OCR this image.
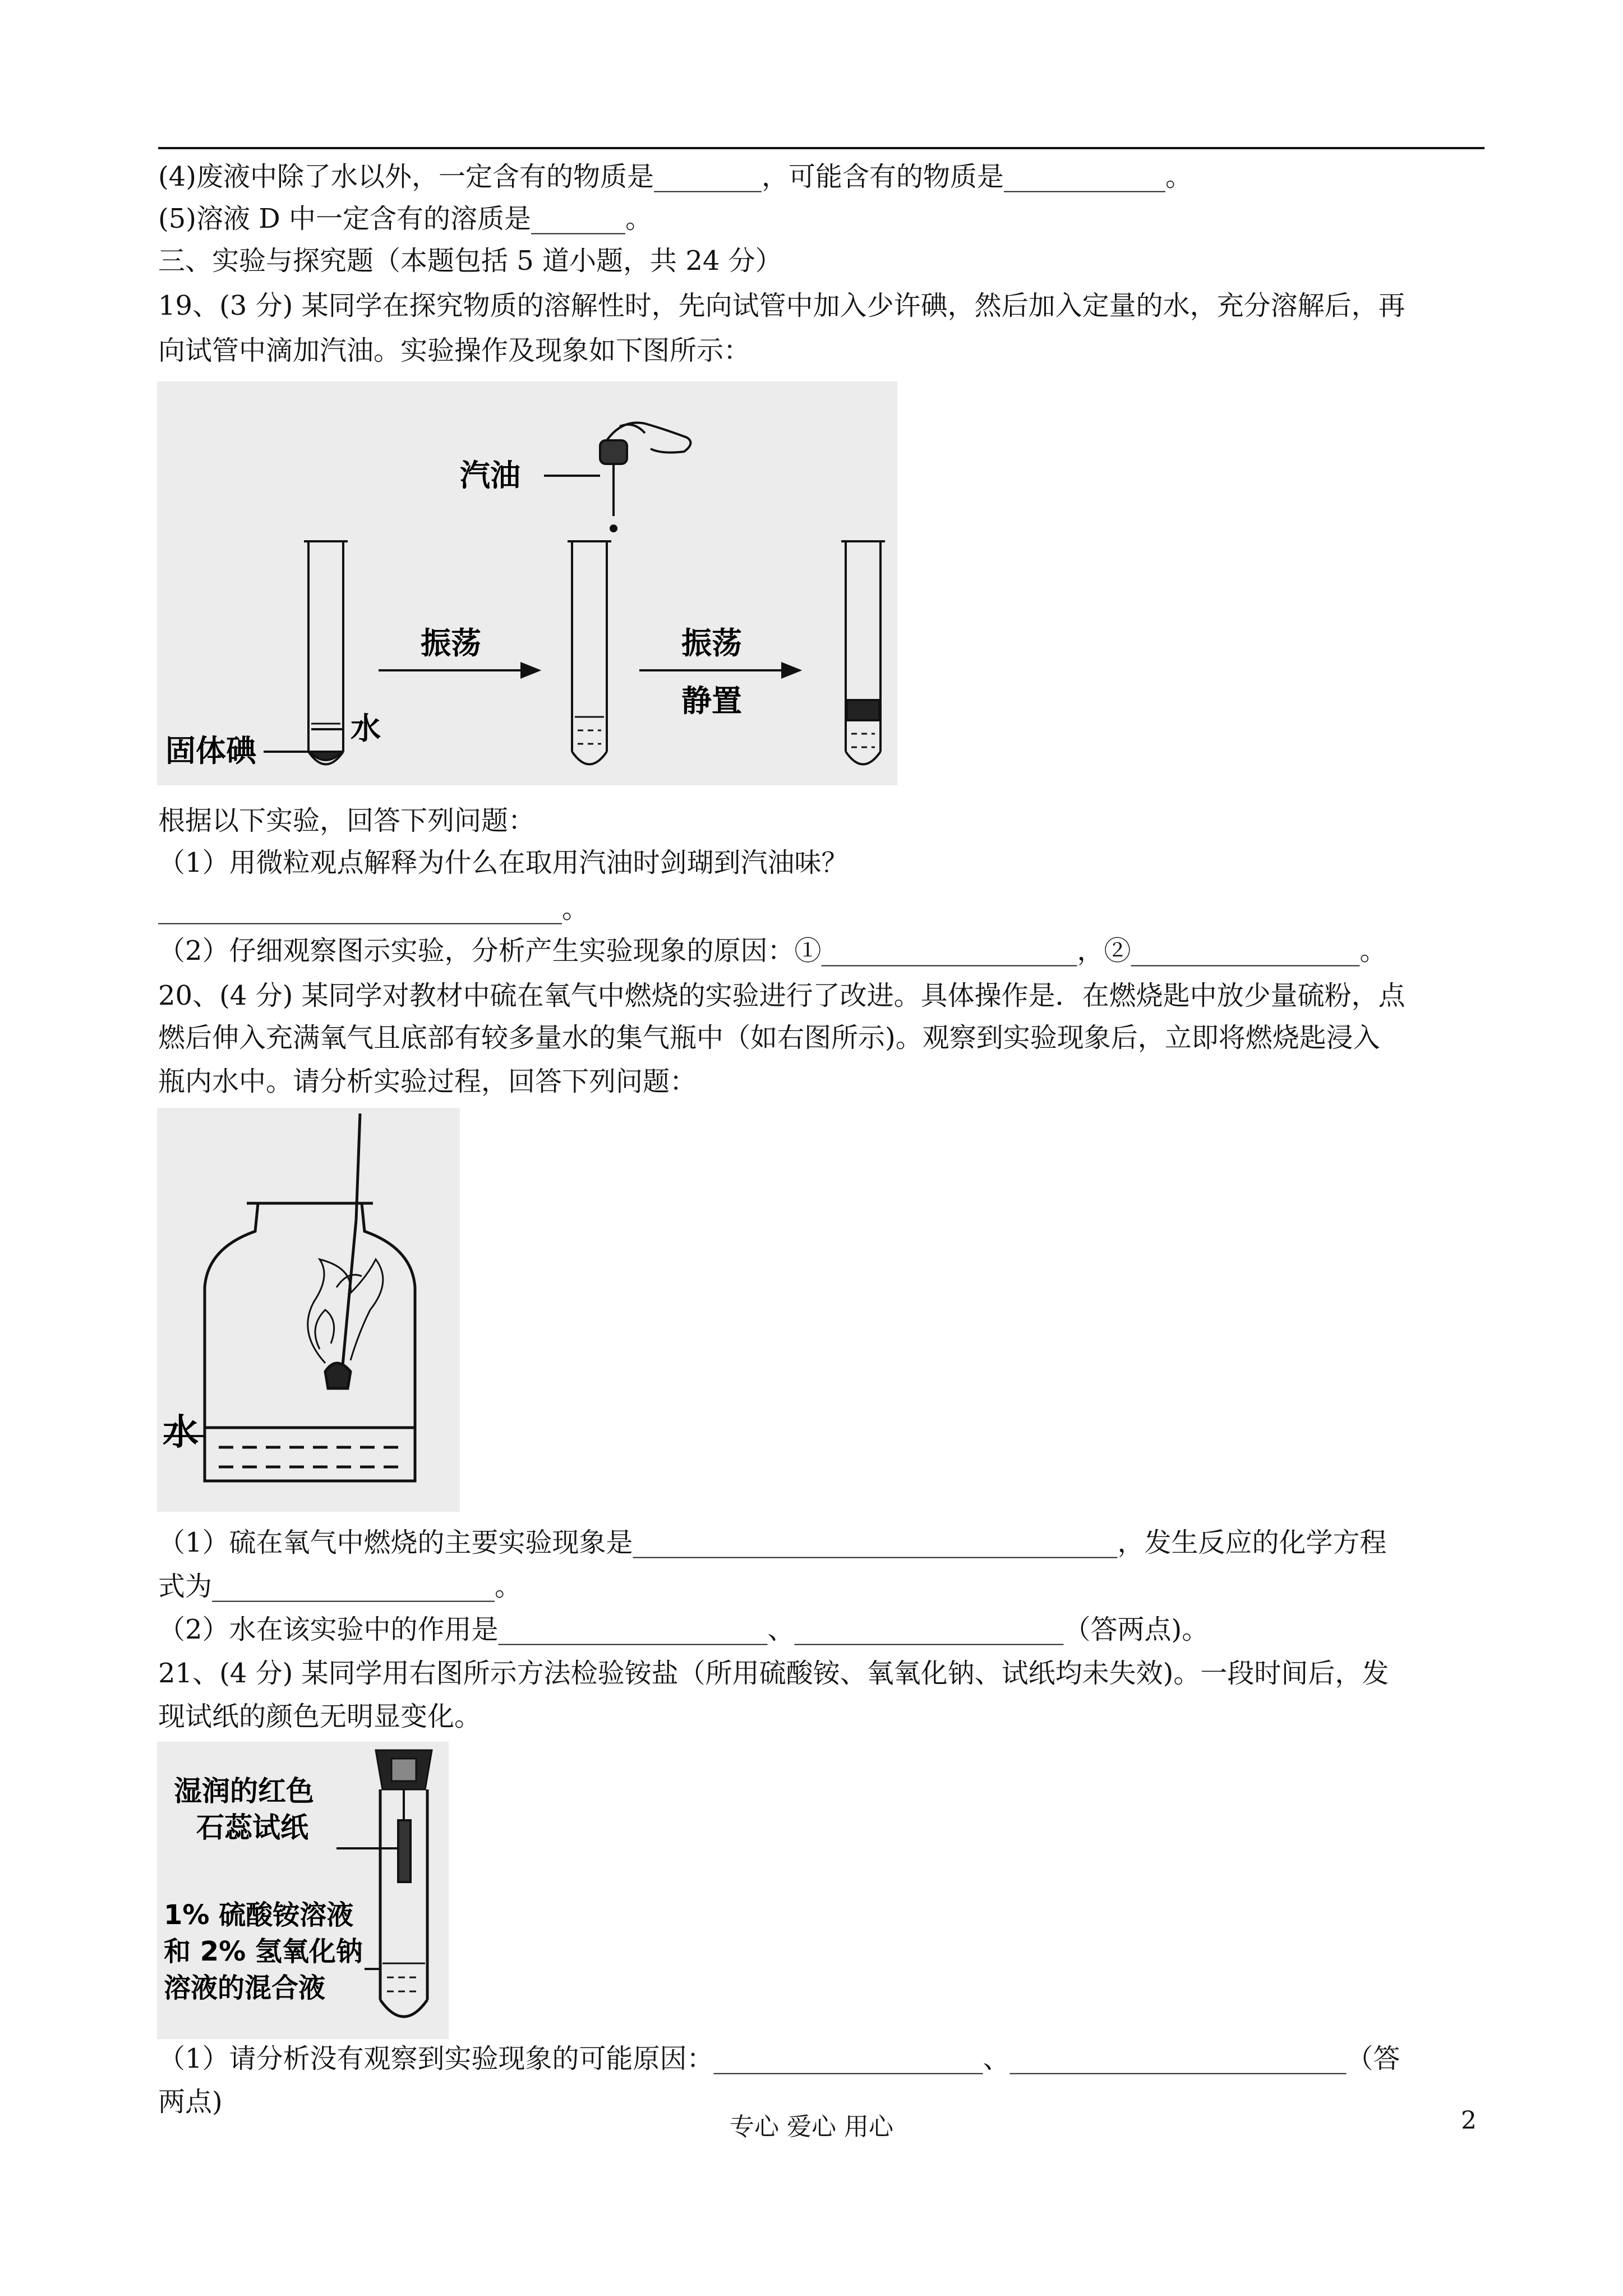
(4)废液中除了水以外，一定含有的物质是________，可能含有的物质是____________。
(5)溶液 D 中一定含有的溶质是_______。
三、实验与探究题（本题包括 5 道小题，共 24 分）
19、(3 分) 某同学在探究物质的溶解性时，先向试管中加入少许碘，然后加入定量的水，充分溶解后，再
向试管中滴加汽油。实验操作及现象如下图所示：
汽油
振荡	振荡
静置
固体碘
水
根据以下实验，回答下列问题：
（1）用微粒观点解释为什么在取用汽油时剑瑚到汽油味？
______________________________。
（2）仔细观察图示实验，分析产生实验现象的原因：①___________________，②_________________。
20、(4 分) 某同学对教材中硫在氧气中燃烧的实验进行了改进。具体操作是．在燃烧匙中放少量硫粉，点
燃后伸入充满氧气且底部有较多量水的集气瓶中（如右图所示)。观察到实验现象后，立即将燃烧匙浸入
瓶内水中。请分析实验过程，回答下列问题：
水
（1）硫在氧气中燃烧的主要实验现象是____________________________________，发生反应的化学方程
式为_____________________。
（2）水在该实验中的作用是____________________、____________________（答两点)。
21、(4 分) 某同学用右图所示方法检验铵盐（所用硫酸铵、氧氧化钠、试纸均未失效)。一段时间后，发
现试纸的颜色无明显变化。
湿润的红色
石蕊试纸
1% 硫酸铵溶液
和 2% 氢氧化钠
溶液的混合液
（1）请分析没有观察到实验现象的可能原因：____________________、_________________________（答
两点)
专心 爱心 用心	2
